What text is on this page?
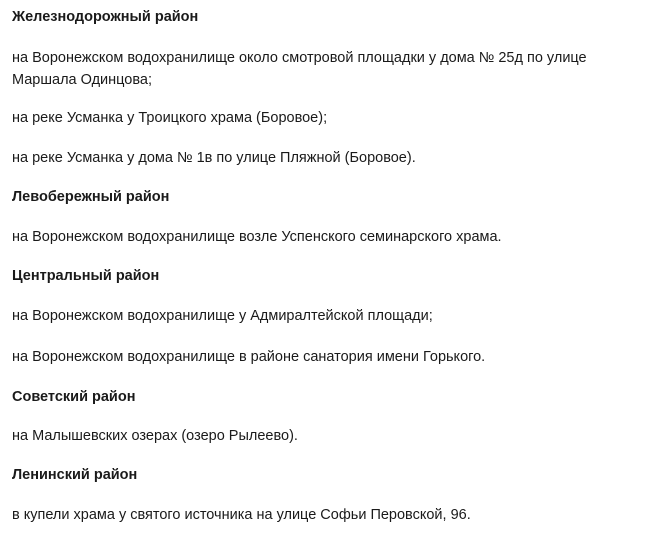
Железнодорожный район

на Воронежском водохранилище около смотровой площадки у дома № 25д по улице Маршала Одинцова;

на реке Усманка у Троицкого храма (Боровое);

на реке Усманка у дома № 1в по улице Пляжной (Боровое).

Левобережный район

на Воронежском водохранилище возле Успенского семинарского храма.

Центральный район

на Воронежском водохранилище у Адмиралтейской площади;

на Воронежском водохранилище в районе санатория имени Горького.

Советский район

на Малышевских озерах (озеро Рылеево).

Ленинский район

в купели храма у святого источника на улице Софьи Перовской, 96.
